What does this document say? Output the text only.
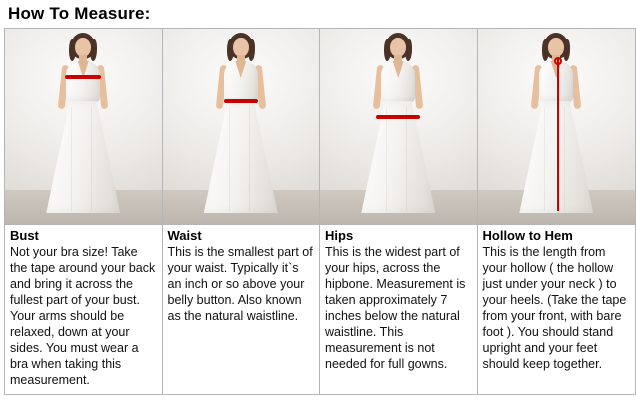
How To Measure:
Bust
Not your bra size! Take the tape around your back and bring it across the fullest part of your bust. Your arms should be relaxed, down at your sides. You must wear a bra when taking this measurement.
Waist
This is the smallest part of your waist. Typically it`s an inch or so above your belly button. Also known as the natural waistline.
Hips
This is the widest part of your hips, across the hipbone. Measurement is taken approximately 7 inches below the natural waistline. This measurement is not needed for full gowns.
Hollow to Hem
This is the length from your hollow ( the hollow just under your neck ) to your heels. (Take the tape from your front, with bare foot ). You should stand upright and your feet should keep together.
